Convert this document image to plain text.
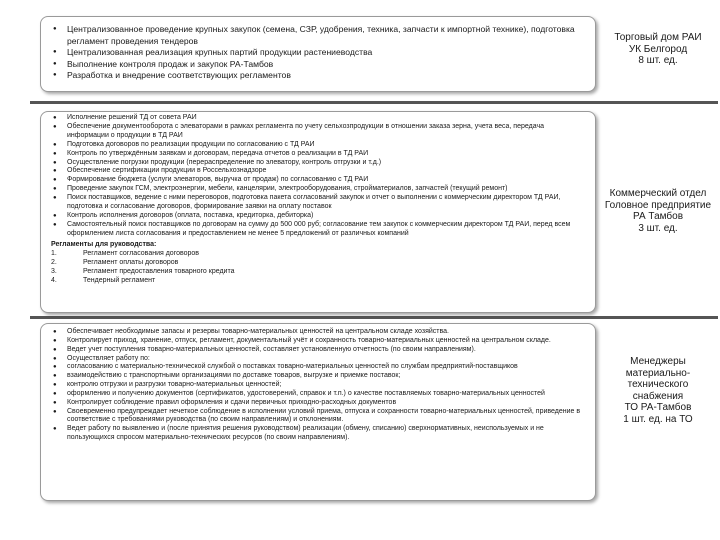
● Централизованное проведение крупных закупок (семена, СЗР, удобрения, техника, запчасти к импортной технике), подготовка регламент проведения тендеров
● Централизованная реализация крупных партий продукции растениеводства
● Выполнение контроля продаж и закупок РА-Тамбов
● Разработка и внедрение соответствующих регламентов
Торговый дом РАИ
УК Белгород
8 шт. ед.
● Исполнение решений ТД от совета РАИ
● Обеспечение документооборота с элеваторами в рамках регламента по учету сельхозпродукции в отношении заказа зерна, учета веса, передача информации о продукции в ТД РАИ
● Подготовка договоров по реализации продукции по согласованию с ТД РАИ
● Контроль по утверждённым заявкам и договорам, передача отчетов о реализации в ТД РАИ
● Осуществление погрузки продукции (перераспределение по элеватору, контроль отгрузки и т.д.)
● Обеспечение сертификации продукции в Россельхознадзоре
● Формирование бюджета (услуги элеваторов, выручка от продаж) по согласованию с ТД РАИ
● Проведение закупок ГСМ, электроэнергии, мебели, канцелярии, электрооборудования, стройматериалов, запчастей (текущий ремонт)
● Поиск поставщиков, ведение с ними переговоров, подготовка пакета согласований закупок и отчет о выполнении с коммерческим директором ТД РАИ, подготовка и согласование договоров, формирование заявки на оплату поставок
● Контроль исполнения договоров (оплата, поставка, кредиторка, дебиторка)
● Самостоятельный поиск поставщиков по договорам на сумму до 500 000 руб; согласование тем закупок с коммерческим директором ТД РАИ, перед всем оформлением листа согласования и предоставлением не менее 5 предложений от различных компаний
Регламенты для руководства:
1.	Регламент согласования договоров
2.	Регламент оплаты договоров
3.	Регламент предоставления товарного кредита
4.	Тендерный регламент
Коммерческий отдел
Головное предприятие
РА Тамбов
3 шт. ед.
● Обеспечивает необходимые запасы и резервы товарно-материальных ценностей на центральном складе хозяйства.
● Контролирует приход, хранение, отпуск, регламент, документальный учёт и сохранность товарно-материальных ценностей на центральном складе.
● Ведет учет поступления товарно-материальных ценностей, составляет установленную отчетность (по своим направлениям).
● Осуществляет работу по:
● согласованию с материально-технической службой о поставках товарно-материальных ценностей по службам предприятий-поставщиков
● взаимодействию с транспортными организациями по доставке товаров, выгрузке и приемке поставок;
● контролю отгрузки и разгрузки товарно-материальных ценностей;
● оформлению и получению документов (сертификатов, удостоверений, справок и т.п.) о качестве поставляемых товарно-материальных ценностей
● Контролирует соблюдение правил оформления и сдачи первичных приходно-расходных документов
● Своевременно предупреждает нечеткое соблюдение в исполнении условий приема, отпуска и сохранности товарно-материальных ценностей, приведение в соответствие с требованиями руководства (по своим направлениям) и отклонениям.
● Ведет работу по выявлению и (после принятия решения руководством) реализации (обмену, списанию) сверхнормативных, неиспользуемых и не пользующихся спросом материально-технических ресурсов (по своим направлениям).
Менеджеры
материально-
технического
снабжения
ТО РА-Тамбов
1 шт. ед. на ТО
